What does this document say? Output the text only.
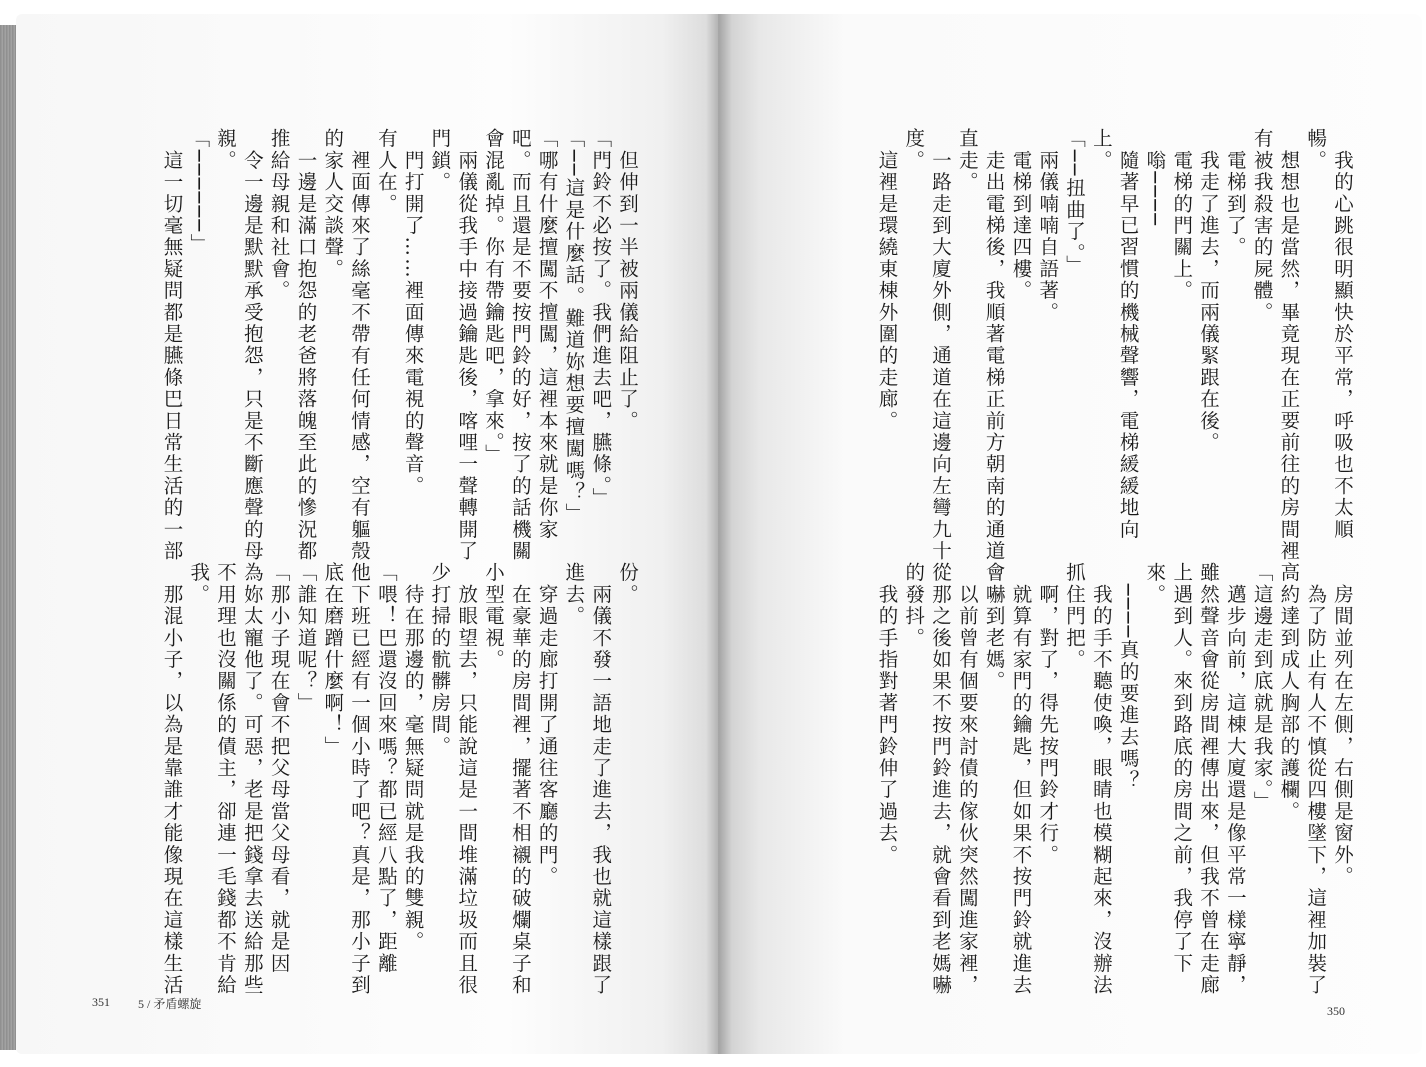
　但伸到一半被兩儀給阻止了。
「門鈴不必按了。我們進去吧，臙條。」
「──這是什麼話。難道妳想要擅闖嗎？」
「哪有什麼擅闖不擅闖，這裡本來就是你家
吧。而且還是不要按門鈴的好，按了的話機關
會混亂掉。你有帶鑰匙吧，拿來。」
　兩儀從我手中接過鑰匙後，喀哩一聲轉開了
門鎖。
　門打開了……裡面傳來電視的聲音。
有人在。
　裡面傳來了絲毫不帶有任何情感，空有軀殼
的家人交談聲。
　一邊是滿口抱怨的老爸將落魄至此的慘況都
推給母親和社會。
　令一邊是默默承受抱怨，只是不斷應聲的母
親。
「──────」
　這一切毫無疑問都是臙條巴日常生活的一部
份。
　兩儀不發一語地走了進去，我也就這樣跟了
進去。
　穿過走廊打開了通往客廳的門。
　在豪華的房間裡，擺著不相襯的破爛桌子和
小型電視。
　放眼望去，只能說這是一間堆滿垃圾而且很
少打掃的骯髒房間。
　待在那邊的，毫無疑問就是我的雙親。
「喂！巴還沒回來嗎？都已經八點了，距離
他下班已經有一個小時了吧？真是，那小子到
底在磨蹭什麼啊！」
「誰知道呢？」
「那小子現在會不把父母當父母看，就是因
為妳太寵他了。可惡，老是把錢拿去送給那些
不用理也沒關係的債主，卻連一毛錢都不肯給
我。
　那混小子，以為是靠誰才能像現在這樣生活
　我的心跳很明顯快於平常，呼吸也不太順
暢。
　想想也是當然，畢竟現在正要前往的房間裡
有被我殺害的屍體。
　電梯到了。
　我走了進去，而兩儀緊跟在後。
　電梯的門關上。
　嗡────
　隨著早已習慣的機械聲響，電梯緩緩地向
上。
「──扭曲了。」
　兩儀喃喃自語著。
　電梯到達四樓。
　走出電梯後，我順著電梯正前方朝南的通道
直走。
　一路走到大廈外側，通道在這邊向左彎九十
度。
　這裡是環繞東棟外圍的走廊。
　房間並列在左側，右側是窗外。
　為了防止有人不慎從四樓墜下，這裡加裝了
高約達到成人胸部的護欄。
「這邊走到底就是我家。」
　邁步向前，這棟大廈還是像平常一樣寧靜，
雖然聲音會從房間裡傳出來，但我不曾在走廊
上遇到人。來到路底的房間之前，我停了下
來。
　────真的要進去嗎？
　我的手不聽使喚，眼睛也模糊起來，沒辦法
抓住門把。
　啊，對了，得先按門鈴才行。
　就算有家門的鑰匙，但如果不按門鈴就進去
會嚇到老媽。
　以前曾有個要來討債的傢伙突然闖進家裡，
從那之後如果不按門鈴進去，就會看到老媽嚇
的發抖。
　我的手指對著門鈴伸了過去。
351 5 / 矛盾螺旋	350
